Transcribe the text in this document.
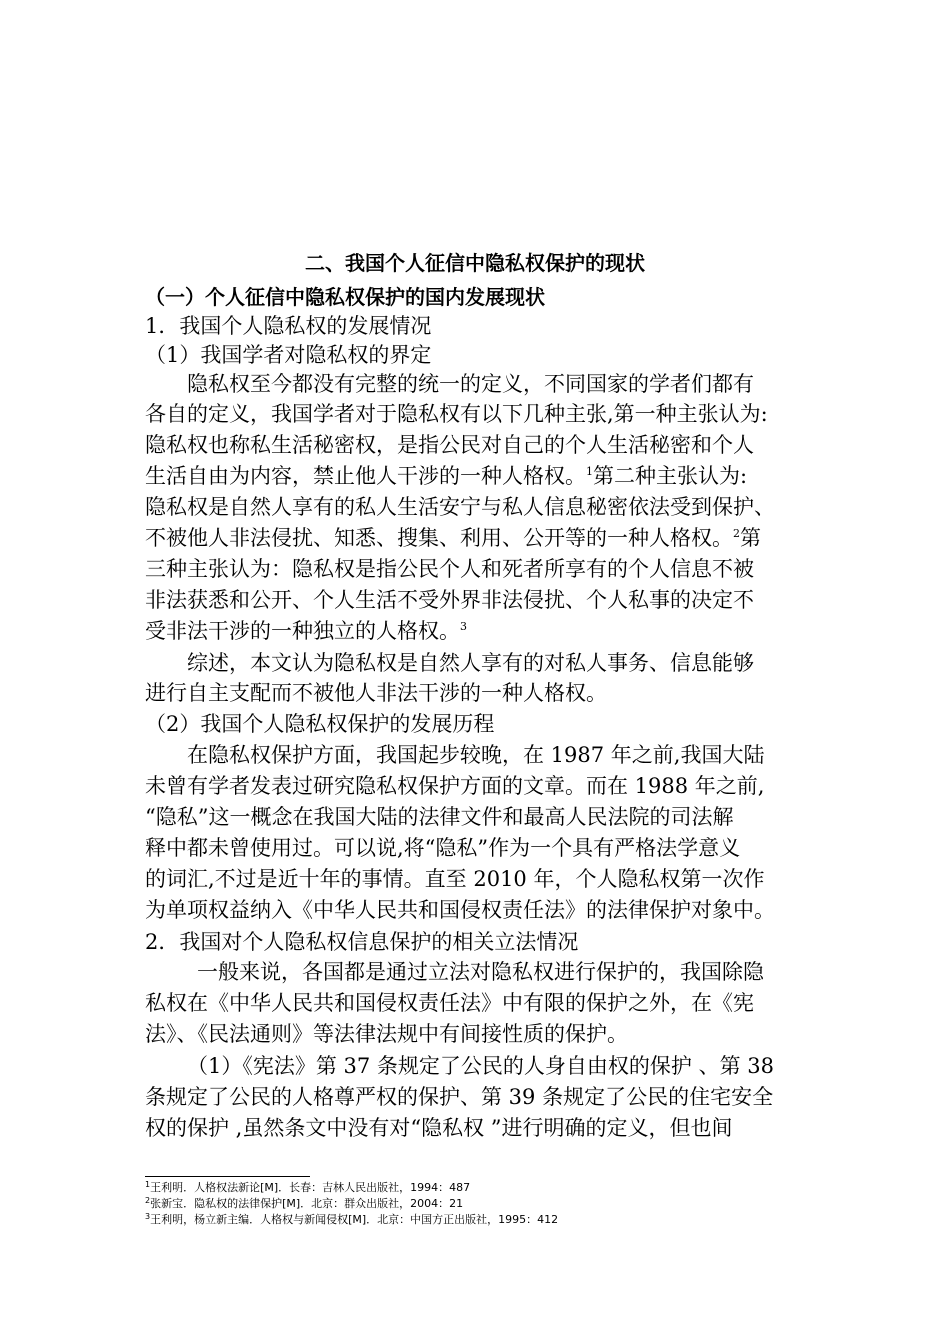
二、我国个人征信中隐私权保护的现状
（一）个人征信中隐私权保护的国内发展现状
1．我国个人隐私权的发展情况
（1）我国学者对隐私权的界定
隐私权至今都没有完整的统一的定义，不同国家的学者们都有
各自的定义，我国学者对于隐私权有以下几种主张,第一种主张认为:
隐私权也称私生活秘密权，是指公民对自己的个人生活秘密和个人
生活自由为内容，禁止他人干涉的一种人格权。$^1$第二种主张认为:
隐私权是自然人享有的私人生活安宁与私人信息秘密依法受到保护、
不被他人非法侵扰、知悉、搜集、利用、公开等的一种人格权。$^2$第
三种主张认为：隐私权是指公民个人和死者所享有的个人信息不被
非法获悉和公开、个人生活不受外界非法侵扰、个人私事的决定不
受非法干涉的一种独立的人格权。$^3$
综述，本文认为隐私权是自然人享有的对私人事务、信息能够
进行自主支配而不被他人非法干涉的一种人格权。
（2）我国个人隐私权保护的发展历程
在隐私权保护方面，我国起步较晚，在 1987 年之前,我国大陆
未曾有学者发表过研究隐私权保护方面的文章。而在 1988 年之前,
“隐私”这一概念在我国大陆的法律文件和最高人民法院的司法解
释中都未曾使用过。可以说,将“隐私”作为一个具有严格法学意义
的词汇,不过是近十年的事情。直至 2010 年，个人隐私权第一次作
为单项权益纳入《中华人民共和国侵权责任法》的法律保护对象中。
2．我国对个人隐私权信息保护的相关立法情况
一般来说，各国都是通过立法对隐私权进行保护的，我国除隐
私权在《中华人民共和国侵权责任法》中有限的保护之外，在《宪
法》、《民法通则》等法律法规中有间接性质的保护。
（1）《宪法》第 37 条规定了公民的人身自由权的保护 、第 38
条规定了公民的人格尊严权的保护、第 39 条规定了公民的住宅安全
权的保护 ,虽然条文中没有对“隐私权 ”进行明确的定义，但也间
$^1$王利明．人格权法新论[M]．长春：吉林人民出版社，1994：487
$^2$张新宝．隐私权的法律保护[M]．北京：群众出版社，2004：21
$^3$王利明，杨立新主编．人格权与新闻侵权[M]．北京：中国方正出版社，1995：412
